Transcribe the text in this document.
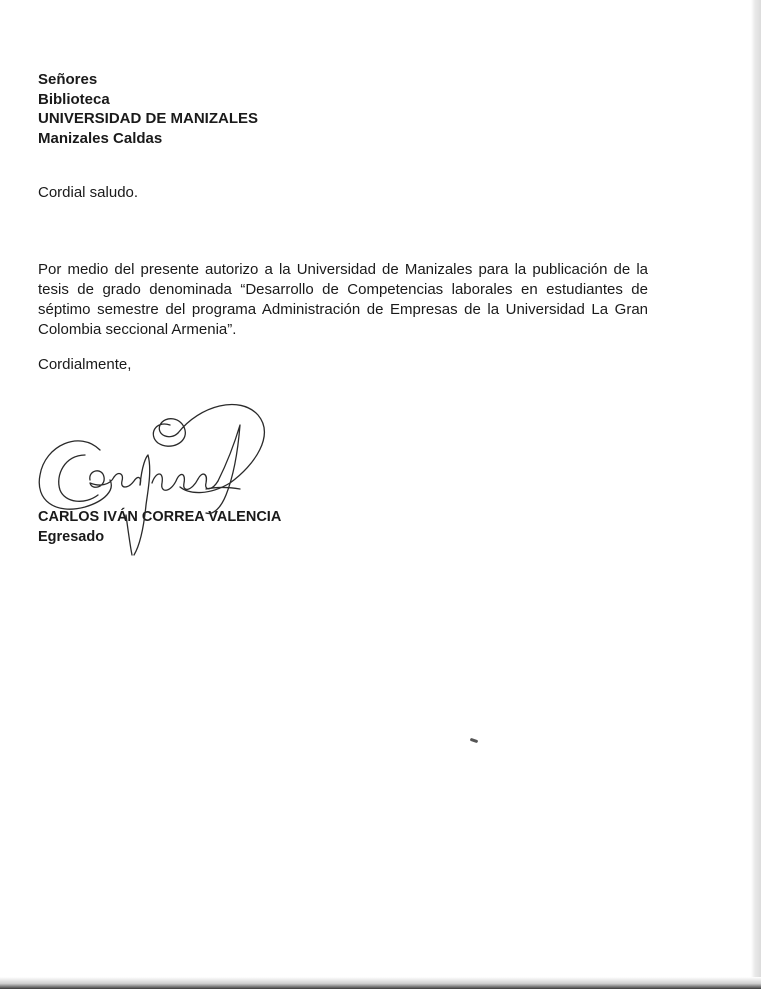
Señores
Biblioteca
UNIVERSIDAD DE MANIZALES
Manizales Caldas
Cordial saludo.
Por medio del presente autorizo a la Universidad de Manizales para la publicación de la tesis de grado denominada “Desarrollo de Competencias laborales en estudiantes de séptimo semestre del programa Administración de Empresas de la Universidad La Gran Colombia seccional Armenia”.
Cordialmente,
CARLOS IVÁN CORREA VALENCIA
Egresado
